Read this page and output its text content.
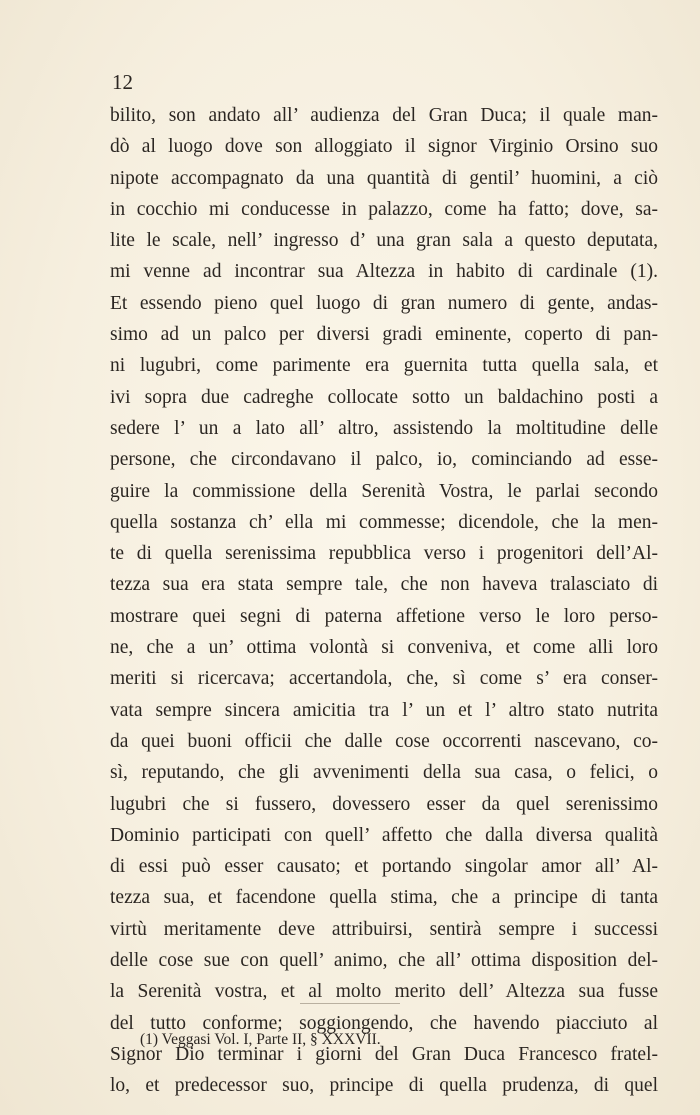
12

bilito, son andato all’ audienza del Gran Duca; il quale man-
dò al luogo dove son alloggiato il signor Virginio Orsino suo
nipote accompagnato da una quantità di gentil’ huomini, a ciò
in cocchio mi conducesse in palazzo, come ha fatto; dove, sa-
lite le scale, nell’ ingresso d’ una gran sala a questo deputata,
mi venne ad incontrar sua Altezza in habito di cardinale (1).
Et essendo pieno quel luogo di gran numero di gente, andas-
simo ad un palco per diversi gradi eminente, coperto di pan-
ni lugubri, come parimente era guernita tutta quella sala, et
ivi sopra due cadreghe collocate sotto un baldachino posti a
sedere l’ un a lato all’ altro, assistendo la moltitudine delle
persone, che circondavano il palco, io, cominciando ad esse-
guire la commissione della Serenità Vostra, le parlai secondo
quella sostanza ch’ ella mi commesse; dicendole, che la men-
te di quella serenissima repubblica verso i progenitori dell’Al-
tezza sua era stata sempre tale, che non haveva tralasciato di
mostrare quei segni di paterna affetione verso le loro perso-
ne, che a un’ ottima volontà si conveniva, et come alli loro
meriti si ricercava; accertandola, che, sì come s’ era conser-
vata sempre sincera amicitia tra l’ un et l’ altro stato nutrita
da quei buoni officii che dalle cose occorrenti nascevano, co-
sì, reputando, che gli avvenimenti della sua casa, o felici, o
lugubri che si fussero, dovessero esser da quel serenissimo
Dominio participati con quell’ affetto che dalla diversa qualità
di essi può esser causato; et portando singolar amor all’ Al-
tezza sua, et facendone quella stima, che a principe di tanta
virtù meritamente deve attribuirsi, sentirà sempre i successi
delle cose sue con quell’ animo, che all’ ottima disposition del-
la Serenità vostra, et al molto merito dell’ Altezza sua fusse
del tutto conforme; soggiongendo, che havendo piacciuto al
Signor Dio terminar i giorni del Gran Duca Francesco fratel-
lo, et predecessor suo, principe di quella prudenza, di quel

(1) Veggasi Vol. I, Parte II, § XXXVII.
